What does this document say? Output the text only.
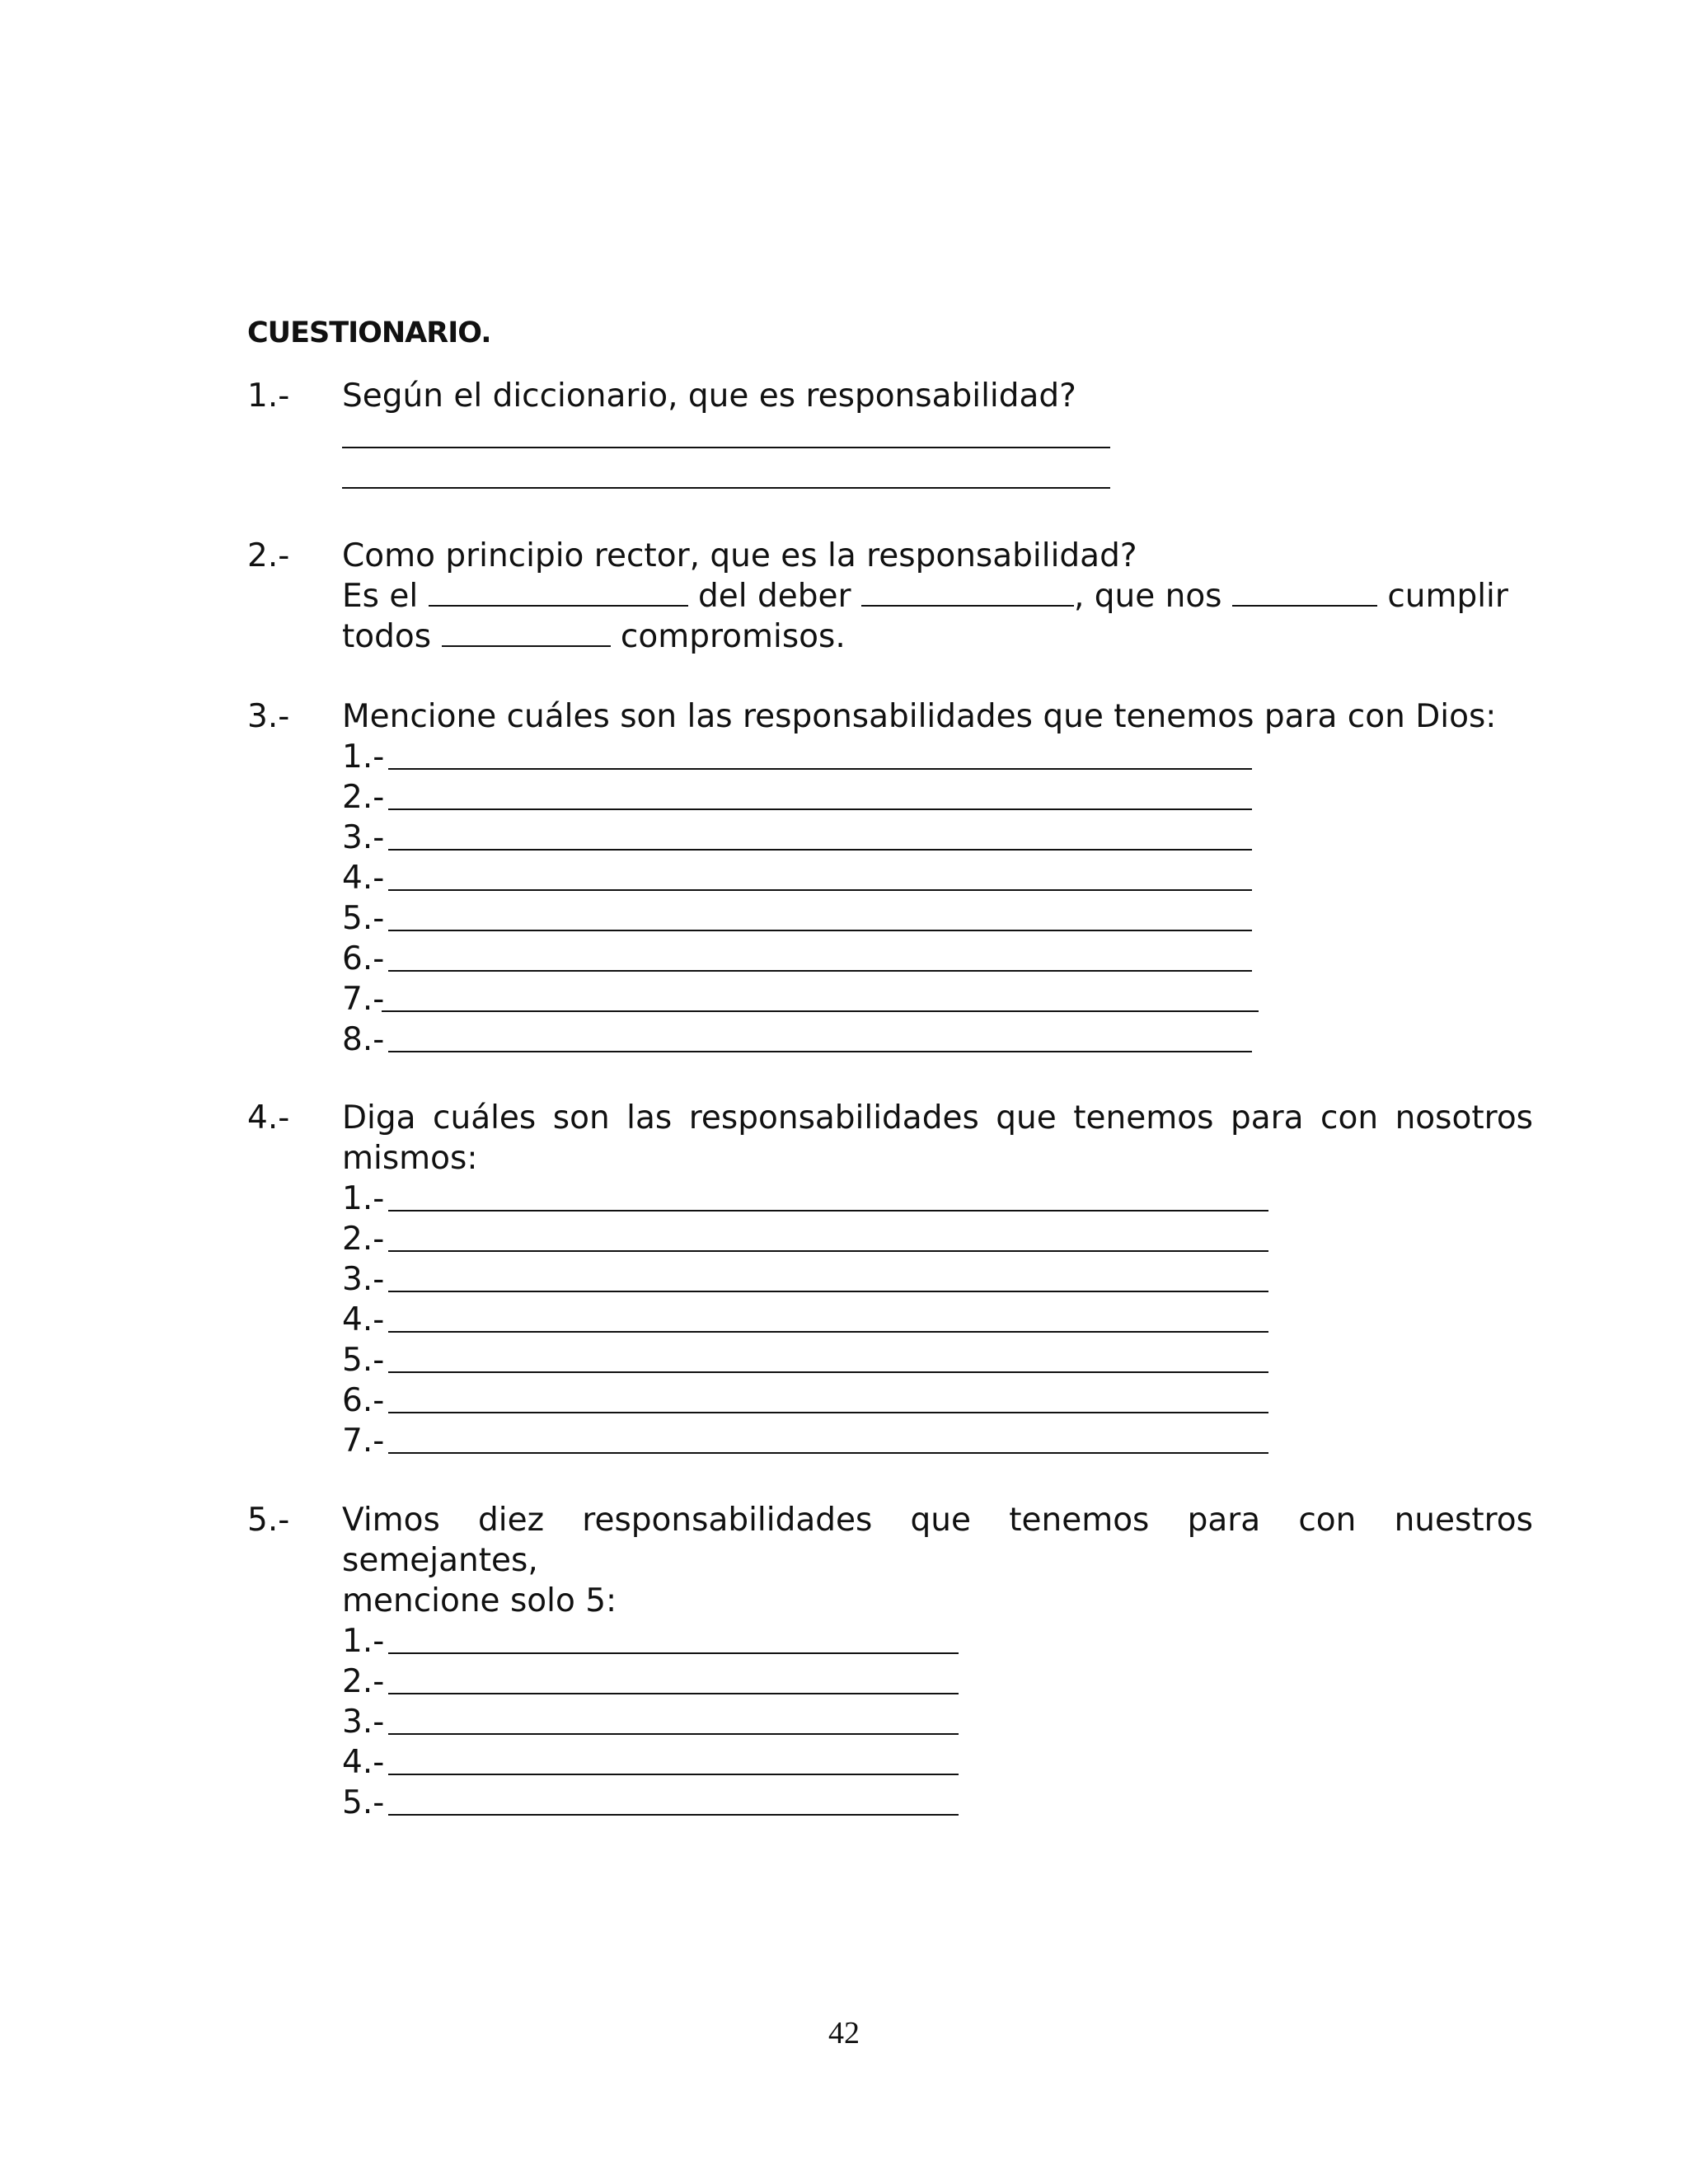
CUESTIONARIO.
1.- Según el diccionario, que es responsabilidad?
2.- Como principio rector, que es la responsabilidad?
Es el	del deber	, que nos	cumplir
todos	compromisos.
3.- Mencione cuáles son las responsabilidades que tenemos para con Dios:
1.-
2.-
3.-
4.-
5.-
6.-
7.-
8.-
4.- Diga cuáles son las responsabilidades que tenemos para con nosotros
mismos:
1.-
2.-
3.-
4.-
5.-
6.-
7.-
5.- Vimos diez responsabilidades que tenemos para con nuestros semejantes,
mencione solo 5:
1.-
2.-
3.-
4.-
5.-
42
